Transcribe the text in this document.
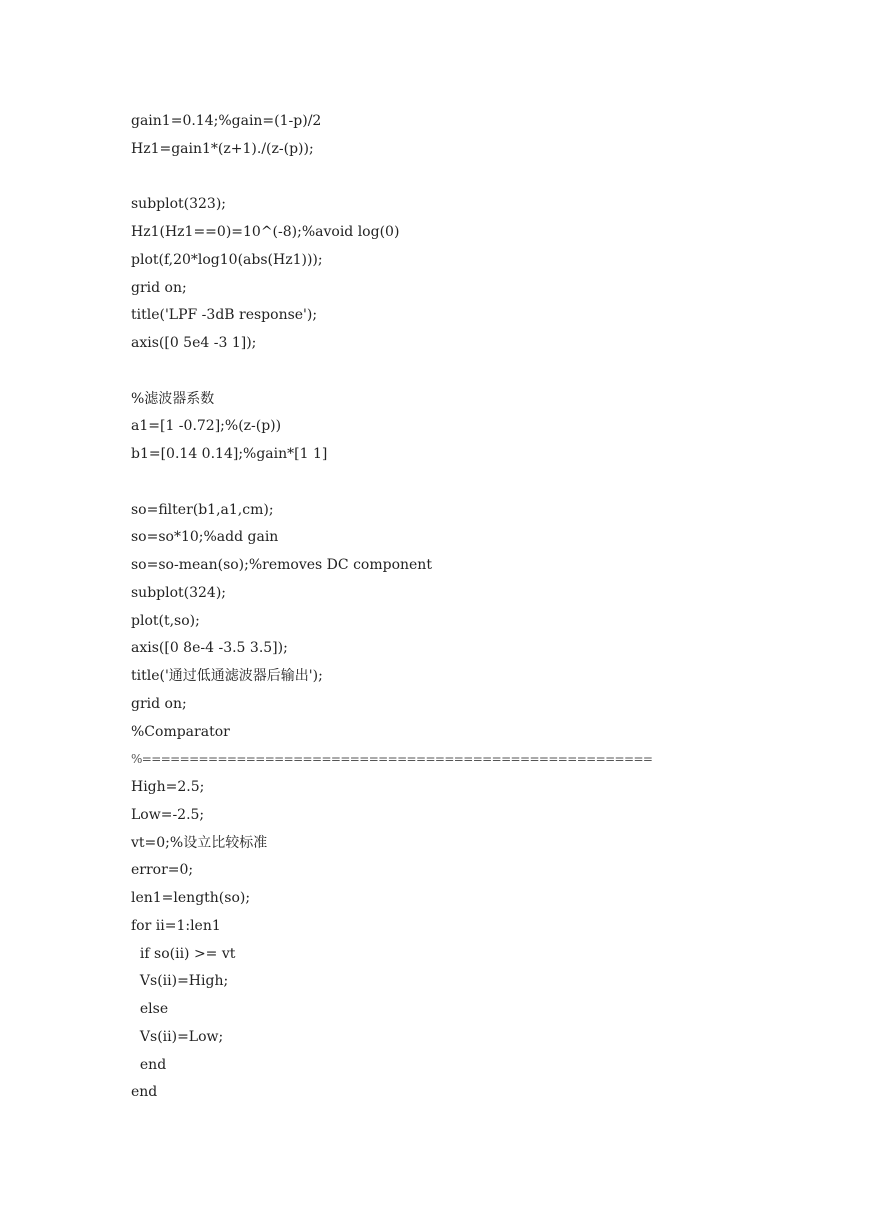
gain1=0.14;%gain=(1-p)/2
Hz1=gain1*(z+1)./(z-(p));
subplot(323);
Hz1(Hz1==0)=10^(-8);%avoid log(0)
plot(f,20*log10(abs(Hz1)));
grid on;
title('LPF -3dB response');
axis([0 5e4 -3 1]);
%滤波器系数
a1=[1 -0.72];%(z-(p))
b1=[0.14 0.14];%gain*[1 1]
so=filter(b1,a1,cm);
so=so*10;%add gain
so=so-mean(so);%removes DC component
subplot(324);
plot(t,so);
axis([0 8e-4 -3.5 3.5]);
title('通过低通滤波器后输出');
grid on;
%Comparator
%======================================================
High=2.5;
Low=-2.5;
vt=0;%设立比较标准
error=0;
len1=length(so);
for ii=1:len1
if so(ii) >= vt
Vs(ii)=High;
else
Vs(ii)=Low;
end
end
